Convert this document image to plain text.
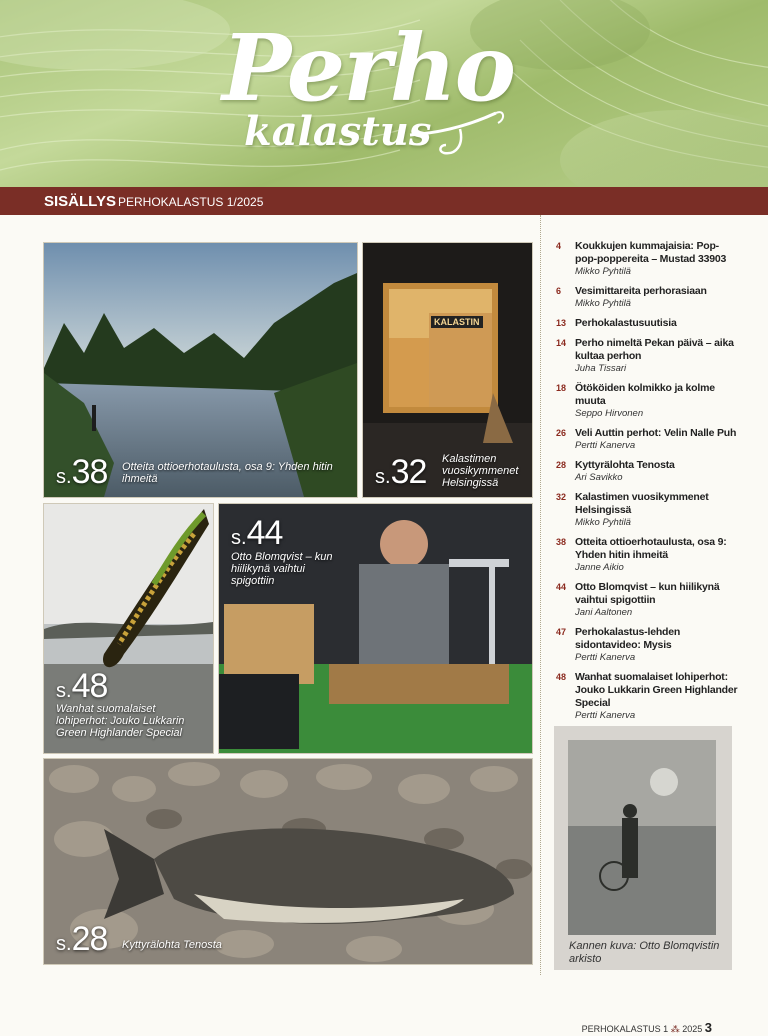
Perho
kalastus
SISÄLLYS PERHOKALASTUS 1/2025
s.38 Otteita ottioerhotaulusta, osa 9: Yhden hitin ihmeitä
KALASTIN
s.32 Kalastimen vuosikymmenet Helsingissä
s.48
Wanhat suomalaiset lohiperhot: Jouko Lukkarin Green Highlander Special
s.44
Otto Blomqvist – kun hiilikynä vaihtui spigottiin
s.28 Kyttyrälohta Tenosta
4 Koukkujen kummajaisia: Pop-pop-poppereita – Mustad 33903
Mikko Pyhtilä
6 Vesimittareita perhorasiaan
Mikko Pyhtilä
13 Perhokalastusuutisia
14 Perho nimeltä Pekan päivä – aika kultaa perhon
Juha Tissari
18 Ötököiden kolmikko ja kolme muuta
Seppo Hirvonen
26 Veli Auttin perhot: Velin Nalle Puh
Pertti Kanerva
28 Kyttyrälohta Tenosta
Ari Savikko
32 Kalastimen vuosikymmenet Helsingissä
Mikko Pyhtilä
38 Otteita ottioerhotaulusta, osa 9: Yhden hitin ihmeitä
Janne Aikio
44 Otto Blomqvist – kun hiilikynä vaihtui spigottiin
Jani Aaltonen
47 Perhokalastus-lehden sidontavideo: Mysis
Pertti Kanerva
48 Wanhat suomalaiset lohiperhot: Jouko Lukkarin Green Highlander Special
Pertti Kanerva
Kannen kuva: Otto Blomqvistin arkisto
PERHOKALASTUS 1 ⁂ 2025 3
